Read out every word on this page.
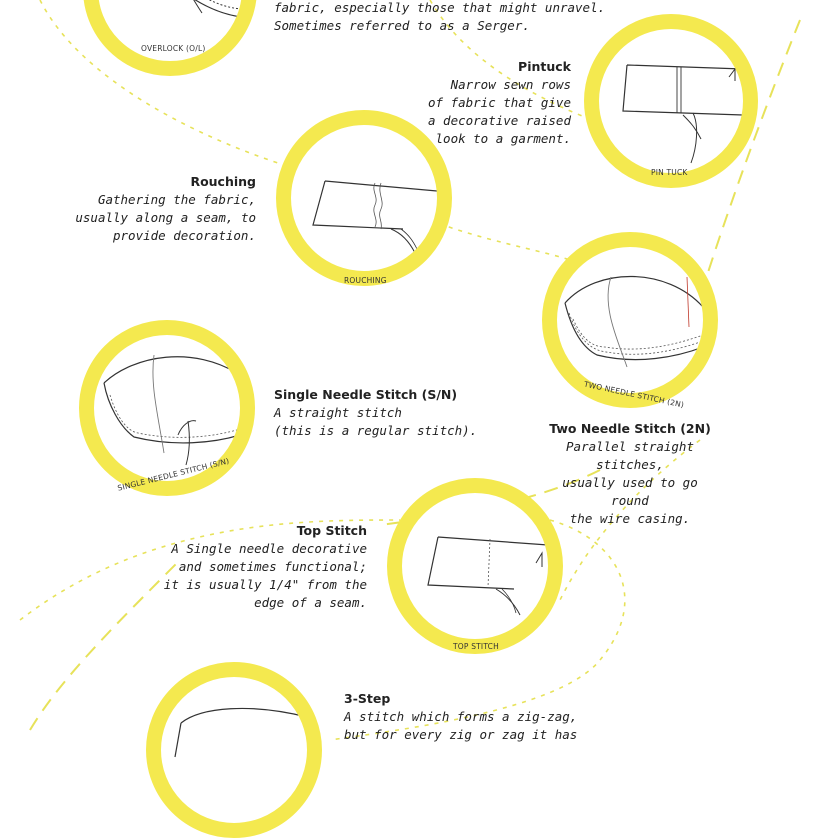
OVERLOCK (O/L)
fabric, especially those that might unravel.
Sometimes referred to as a Serger.
PIN TUCK
Pintuck
Narrow sewn rows
of fabric that give
a decorative raised
look to a garment.
ROUCHING
Rouching
Gathering the fabric,
usually along a seam, to
provide decoration.
TWO NEEDLE STITCH (2N)
Two Needle Stitch (2N)
Parallel straight stitches,
usually used to go round
the wire casing.
SINGLE NEEDLE STITCH (S/N)
Single Needle Stitch (S/N)
A straight stitch
(this is a regular stitch).
TOP STITCH
Top Stitch
A Single needle decorative
and sometimes functional;
it is usually 1/4" from the
edge of a seam.
3-Step
A stitch which forms a zig-zag,
but for every zig or zag it has
